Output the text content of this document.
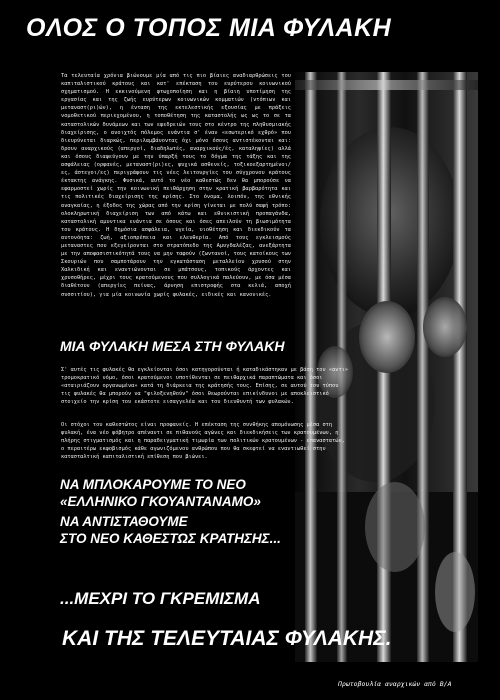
ΟΛΟΣ Ο ΤΟΠΟΣ ΜΙΑ ΦΥΛΑΚΗ
Τα τελευταία χρόνια βιώνουμε μία από τις πιο βίαιες αναδιαρθρώσεις του καπιταλιστικού κράτους και κατ' επέκταση του ευρύτερου κοινωνικού σχηματισμού. Η εκκινούμενη φτωχοποίηση και η βίαιη υποτίμηση της εργασίας και της ζωής ευρύτερων κοινωνικών κομματιών (ντόπιων και μεταναστ(ρι)ών), η ένταση της εκτελεστικής εξουσίας με πράξεις νομοθετικού περιεχομένου, η τοποθέτηση της καταστολής ως ως το σε τα καταστολικών δυνάμεων και των εφεδρειών τους στο κέντρο της πληθυσμιακής διαχείρισης, ο ανοιχτός πόλεμος ενάντια σ' έναν «εσωτερικό εχθρό» που διευρύνεται διαρκώς, περιλαμβάνοντας όχι μόνο όσους αντιστέκονται και: δρουν αναρχικούς (απεργοί, διαδηλωτές, αναρχικούς/ές, καταληψίες) αλλά και όσους διαφεύγουν με την ύπαρξή τους το δόγμα της τάξης και της ασφάλειας (ορφανές, μεταναστ(ρι)ες, ψυχικά ασθενείς, τοξικοεξαρτημένοι/ες, άστεγοι/ες) περιγράφουν τις νέες λειτουργίες του σύγχρονου κράτους έκτακτης ανάγκης. Φυσικά, αυτό το νέο καθεστώς δεν θα μπορούσε να εφαρμοστεί χωρίς την κοινωνική πειθάρχηση στην κρατική βαρβαρότητα και τις πολιτικές διαχείρισης της κρίσης. Στο όνομα, λοιπόν, της εθνικής αναγκαίας, η έξοδος της χώρας από την κρίση γίνεται με πολύ σαφή τρόπο: ολοκληρωτική διαχείριση των από κάτω και εθνικιστική προπαγάνδα, καταστολική αμυντικα ενάντια σε όσους και όσες απειλούν τη βιωσιμότητα του κράτους. Η δημόσια ασφάλεια, υγεία, υιοθέτηση και διεκδικούν τα αυτονόητα: ζωή, αξιοπρέπεια και ελευθερία. Από τους εγκλεισμούς μεταναστες που εξεγείρονται στο στρατόπεδο της Αμυγδαλέζας, ανεξάρτητα με την αποφασιστικότητά τους να μην ταφούν (ζωντανοί, τους κατοίκους των Σκουριών που σαμποτάρουν την εγκατάσταση μεταλλείου χρυσού στην Χαλκιδική και εναντιώνονται σε μπάτσους, τοπικούς άρχοντες και χρυσοθήρες, μέχρι τους κρατούμενους που συλλογικά παλεύουν, με όσα μέσα διαθέτουν (απεργίες πείνας, άρνηση επιστροφής στα κελιά, αποχή συσσιτίου), για μία κοινωνία χωρίς φυλακές, ειδικές και κανονικές.
ΜΙΑ ΦΥΛΑΚΗ ΜΕΣΑ ΣΤΗ ΦΥΛΑΚΗ
Σ' αυτές τις φυλακές θα εγκλείονται όσοι κατηγορούνται ή καταδικάστηκαν με βάση τον «αντι» τρομοκρατικό νόμο, όσοι κρατούμενοι υποτίθενται σε πειθαρχικά παραπτώματα και όσοι «αταιριάζουν οργανωμένα» κατά τη διάρκεια της κράτησής τους. Επίσης, σε αυτού του τύπου τις φυλακές θα μπορούν να "φιλοξενηθούν" όσοι θεωρούνται επικίνδυνοι με αποκλειστικό στοιχείο την κρίση του εκάστοτε εισαγγελέα και του διευθυντή των φυλακών.
Οι στόχοι του καθεστώτος είναι προφανείς. Η επέκταση της συνθήκης απομόνωσης μέσα στη φυλακή, ένα νέο φόβητρο απέναντι σε πιθανούς αγώνες και διεκδικήσεις των κρατουμένων, η πλήρης στιγματισμός και η παραδειγματική τιμωρία των πολιτικών κρατουμένων - επαναστατών, ο περαιτέρω εκφοβισμός κάθε αγωνιζόμενου ανθρώπου που θα σκεφτεί να εναντιωθεί στην κατασταλτική καπιταλιστική επίθεση που βιώνει.
ΝΑ ΜΠΛΟΚΑΡΟΥΜΕ ΤΟ ΝΕΟ
«ΕΛΛΗΝΙΚΟ ΓΚΟΥΑΝΤΑΝΑΜΟ»
ΝΑ ΑΝΤΙΣΤΑΘΟΥΜΕ
ΣΤΟ ΝΕΟ ΚΑΘΕΣΤΩΣ ΚΡΑΤΗΣΗΣ...
...ΜΕΧΡΙ ΤΟ ΓΚΡΕΜΙΣΜΑ
ΚΑΙ ΤΗΣ ΤΕΛΕΥΤΑΙΑΣ ΦΥΛΑΚΗΣ.
Πρωτοβουλία αναρχικών από Β/Α
